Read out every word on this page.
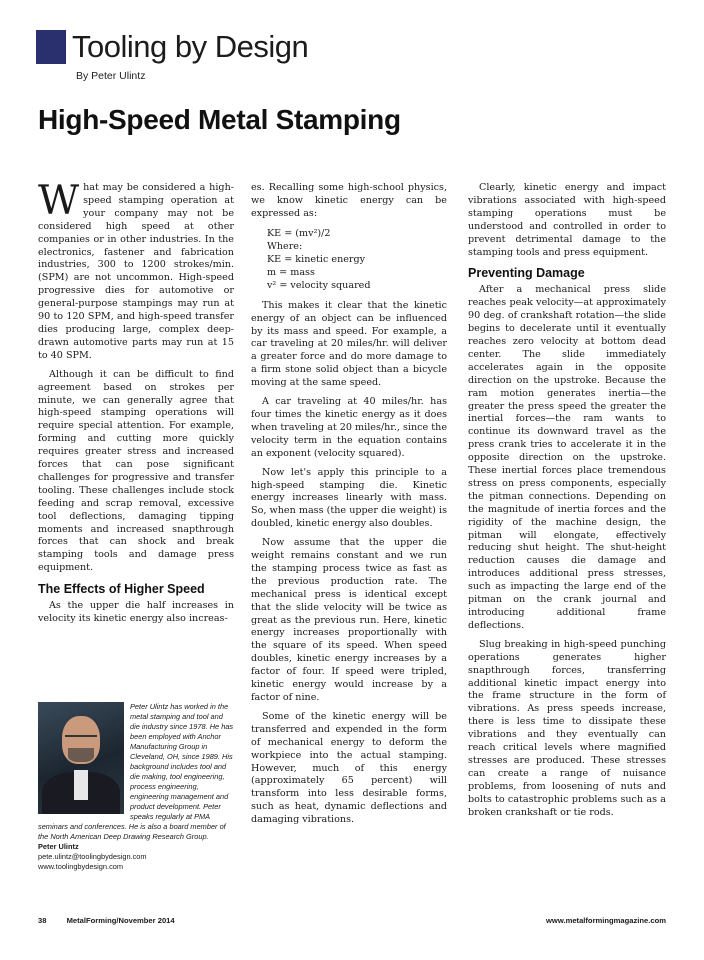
Tooling by Design
By Peter Ulintz
High-Speed Metal Stamping

What may be considered a high-speed stamping operation at your company may not be considered high speed at other companies or in other industries. In the electronics, fastener and fabrication industries, 300 to 1200 strokes/min. (SPM) are not uncommon. High-speed progressive dies for automotive or general-purpose stampings may run at 90 to 120 SPM, and high-speed transfer dies producing large, complex deep-drawn automotive parts may run at 15 to 40 SPM.

Although it can be difficult to find agreement based on strokes per minute, we can generally agree that high-speed stamping operations will require special attention. For example, forming and cutting more quickly requires greater stress and increased forces that can pose significant challenges for progressive and transfer tooling. These challenges include stock feeding and scrap removal, excessive tool deflections, damaging tipping moments and increased snapthrough forces that can shock and break stamping tools and damage press equipment.

The Effects of Higher Speed

As the upper die half increases in velocity its kinetic energy also increas-

Peter Ulintz has worked in the metal stamping and tool and die industry since 1978. He has been employed with Anchor Manufacturing Group in Cleveland, OH, since 1989. His background includes tool and die making, tool engineering, process engineering, engineering management and product development. Peter speaks regularly at PMA seminars and conferences. He is also a board member of the North American Deep Drawing Research Group.

Peter Ulintz
pete.ulintz@toolingbydesign.com
www.toolingbydesign.com

es. Recalling some high-school physics, we know kinetic energy can be expressed as:

KE = (mv²)/2
Where:
KE = kinetic energy
m = mass
v² = velocity squared

This makes it clear that the kinetic energy of an object can be influenced by its mass and speed. For example, a car traveling at 20 miles/hr. will deliver a greater force and do more damage to a firm stone solid object than a bicycle moving at the same speed.

A car traveling at 40 miles/hr. has four times the kinetic energy as it does when traveling at 20 miles/hr., since the velocity term in the equation contains an exponent (velocity squared).

Now let's apply this principle to a high-speed stamping die. Kinetic energy increases linearly with mass. So, when mass (the upper die weight) is doubled, kinetic energy also doubles.

Now assume that the upper die weight remains constant and we run the stamping process twice as fast as the previous production rate. The mechanical press is identical except that the slide velocity will be twice as great as the previous run. Here, kinetic energy increases proportionally with the square of its speed. When speed doubles, kinetic energy increases by a factor of four. If speed were tripled, kinetic energy would increase by a factor of nine.

Some of the kinetic energy will be transferred and expended in the form of mechanical energy to deform the workpiece into the actual stamping. However, much of this energy (approximately 65 percent) will transform into less desirable forms, such as heat, dynamic deflections and damaging vibrations.

Clearly, kinetic energy and impact vibrations associated with high-speed stamping operations must be understood and controlled in order to prevent detrimental damage to the stamping tools and press equipment.

Preventing Damage

After a mechanical press slide reaches peak velocity—at approximately 90 deg. of crankshaft rotation—the slide begins to decelerate until it eventually reaches zero velocity at bottom dead center. The slide immediately accelerates again in the opposite direction on the upstroke. Because the ram motion generates inertia—the greater the press speed the greater the inertial forces—the ram wants to continue its downward travel as the press crank tries to accelerate it in the opposite direction on the upstroke. These inertial forces place tremendous stress on press components, especially the pitman connections. Depending on the magnitude of inertia forces and the rigidity of the machine design, the pitman will elongate, effectively reducing shut height. The shut-height reduction causes die damage and introduces additional press stresses, such as impacting the large end of the pitman on the crank journal and introducing additional frame deflections.

Slug breaking in high-speed punching operations generates higher snapthrough forces, transferring additional kinetic impact energy into the frame structure in the form of vibrations. As press speeds increase, there is less time to dissipate these vibrations and they eventually can reach critical levels where magnified stresses are produced. These stresses can create a range of nuisance problems, from loosening of nuts and bolts to catastrophic problems such as a broken crankshaft or tie rods.

38	MetalForming/November 2014	www.metalformingmagazine.com
